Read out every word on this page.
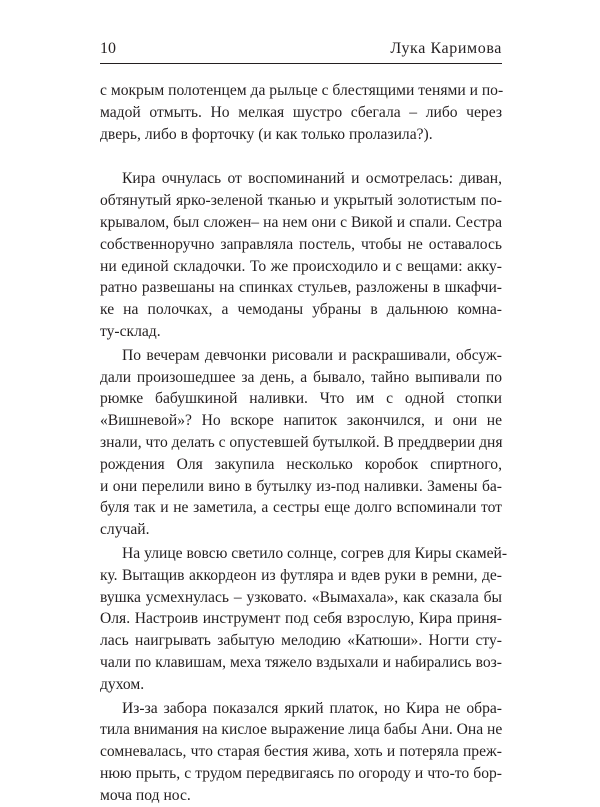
10	Лука Каримова
с мокрым полотенцем да рыльце с блестящими тенями и по-
мадой отмыть. Но мелкая шустро сбегала – либо через
дверь, либо в форточку (и как только пролазила?).
Кира очнулась от воспоминаний и осмотрелась: диван,
обтянутый ярко-зеленой тканью и укрытый золотистым по-
крывалом, был сложен– на нем они с Викой и спали. Сестра
собственноручно заправляла постель, чтобы не оставалось
ни единой складочки. То же происходило и с вещами: акку-
ратно развешаны на спинках стульев, разложены в шкафчи-
ке на полочках, а чемоданы убраны в дальнюю комна-
ту-склад.
По вечерам девчонки рисовали и раскрашивали, обсуж-
дали произошедшее за день, а бывало, тайно выпивали по
рюмке бабушкиной наливки. Что им с одной стопки
«Вишневой»? Но вскоре напиток закончился, и они не
знали, что делать с опустевшей бутылкой. В преддверии дня
рождения Оля закупила несколько коробок спиртного,
и они перелили вино в бутылку из-под наливки. Замены ба-
буля так и не заметила, а сестры еще долго вспоминали тот
случай.
На улице вовсю светило солнце, согрев для Киры скамей-
ку. Вытащив аккордеон из футляра и вдев руки в ремни, де-
вушка усмехнулась – узковато. «Вымахала», как сказала бы
Оля. Настроив инструмент под себя взрослую, Кира приня-
лась наигрывать забытую мелодию «Катюши». Ногти сту-
чали по клавишам, меха тяжело вздыхали и набирались воз-
духом.
Из-за забора показался яркий платок, но Кира не обра-
тила внимания на кислое выражение лица бабы Ани. Она не
сомневалась, что старая бестия жива, хоть и потеряла преж-
нюю прыть, с трудом передвигаясь по огороду и что-то бор-
моча под нос.
